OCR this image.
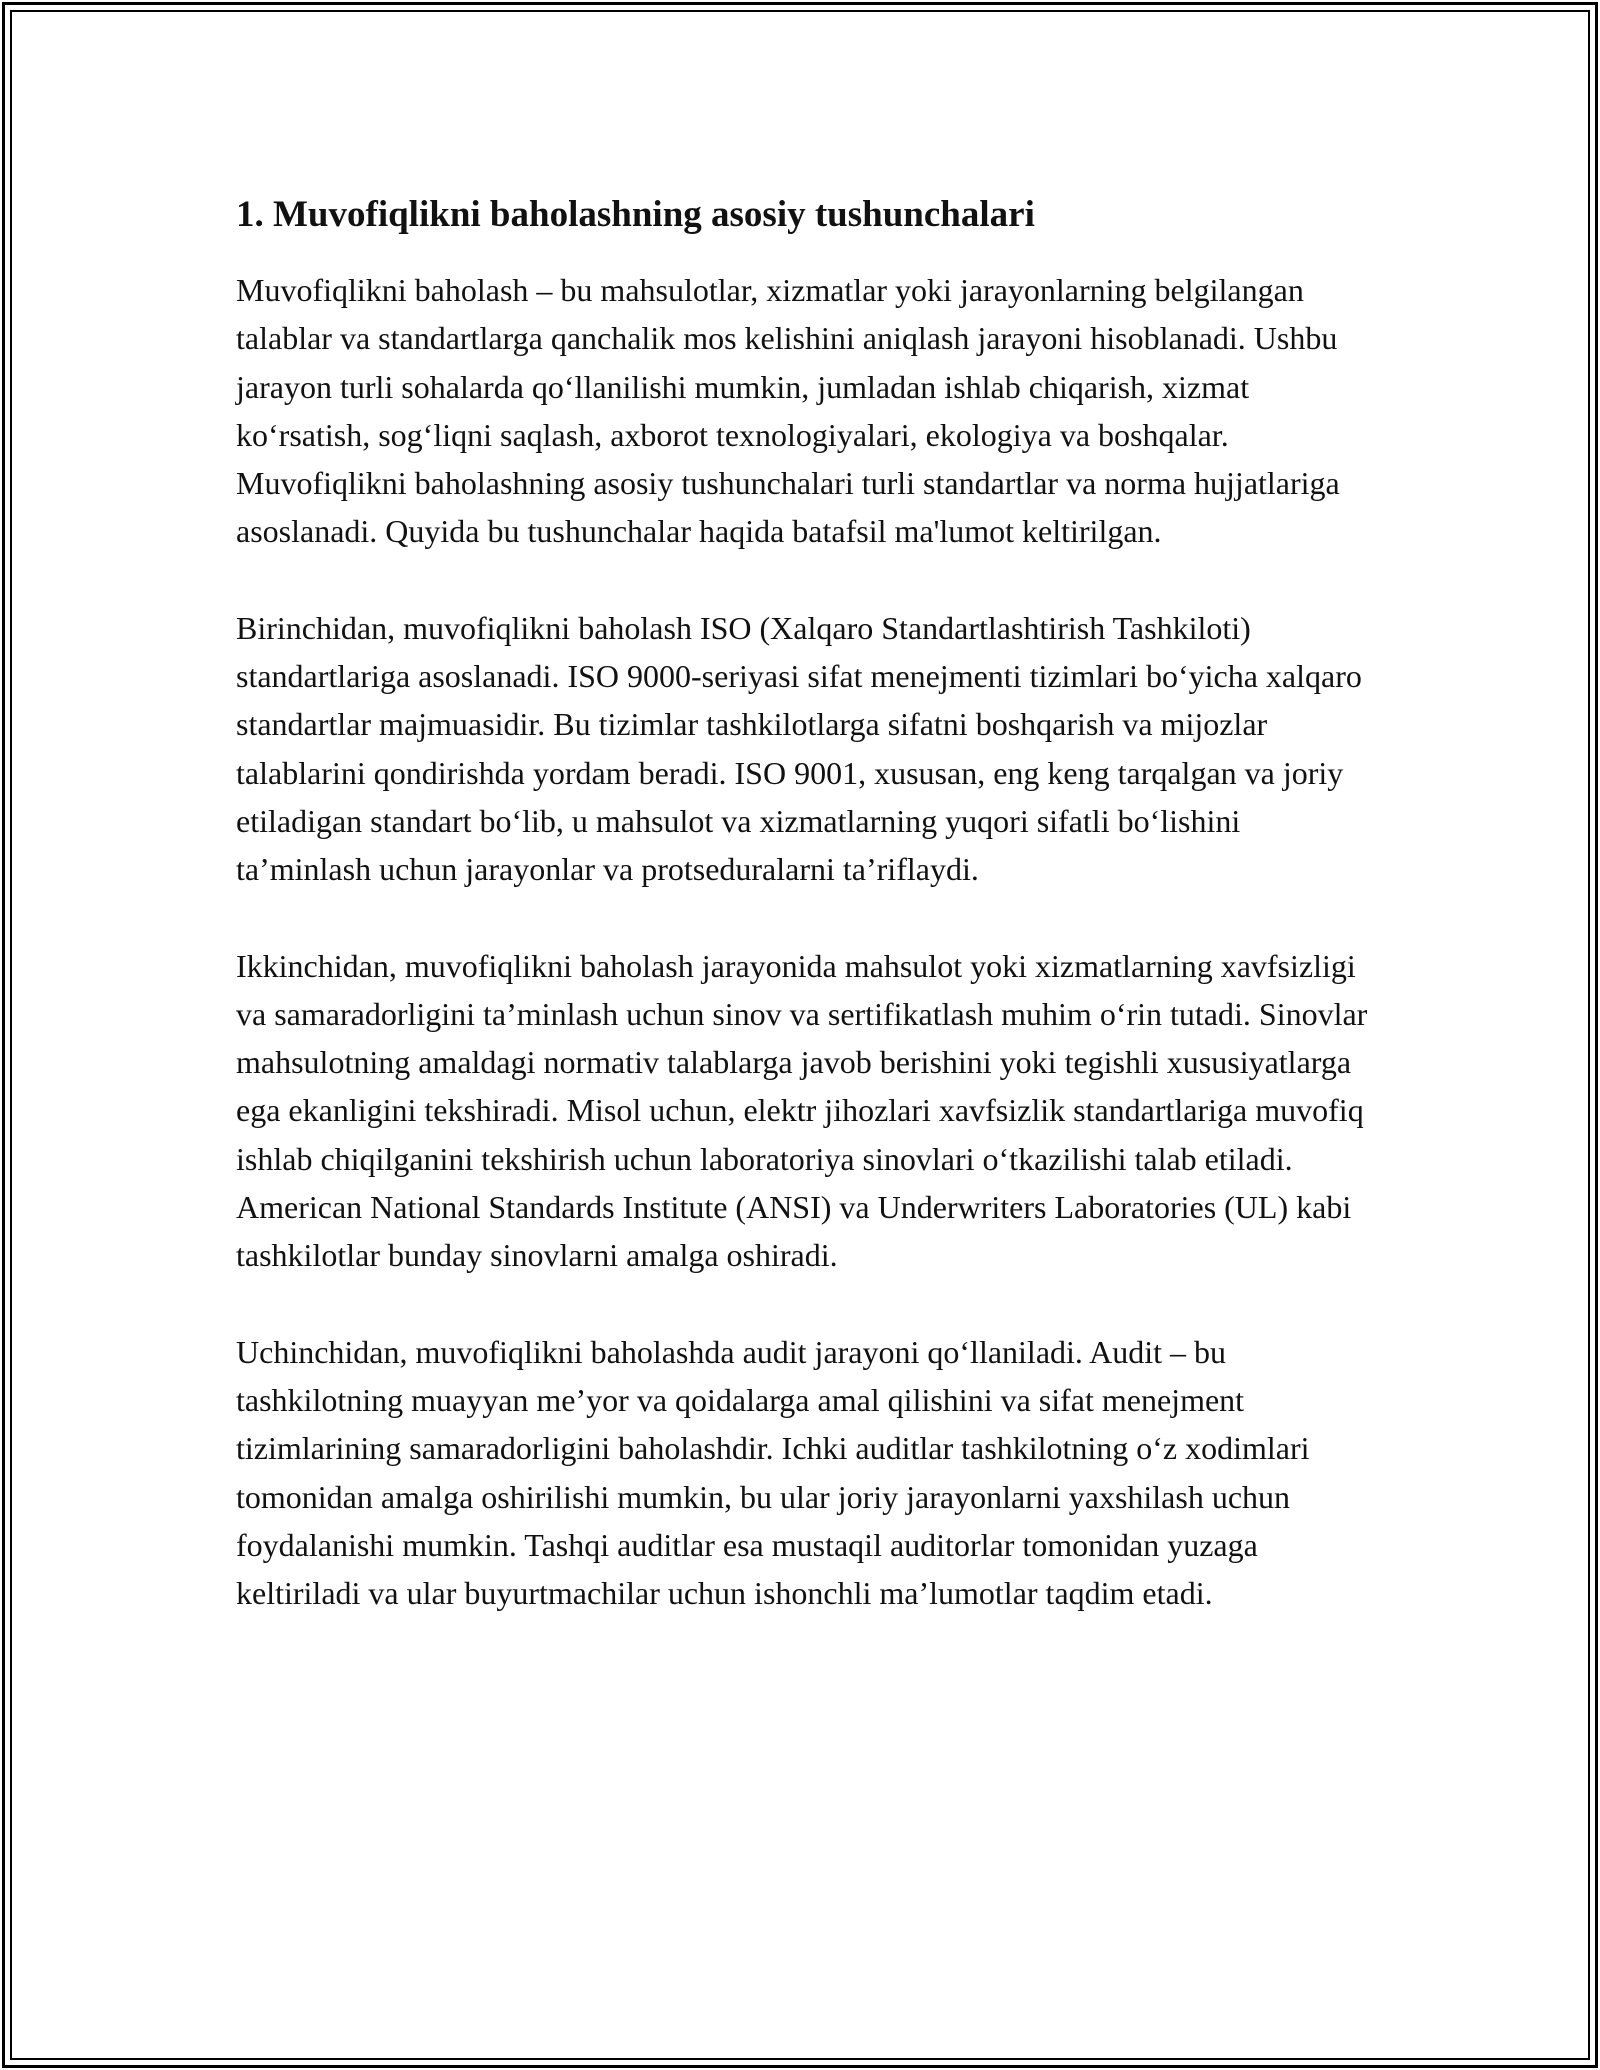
1. Muvofiqlikni baholashning asosiy tushunchalari

Muvofiqlikni baholash – bu mahsulotlar, xizmatlar yoki jarayonlarning belgilangan talablar va standartlarga qanchalik mos kelishini aniqlash jarayoni hisoblanadi. Ushbu jarayon turli sohalarda qo‘llanilishi mumkin, jumladan ishlab chiqarish, xizmat ko‘rsatish, sog‘liqni saqlash, axborot texnologiyalari, ekologiya va boshqalar. Muvofiqlikni baholashning asosiy tushunchalari turli standartlar va norma hujjatlariga asoslanadi. Quyida bu tushunchalar haqida batafsil ma'lumot keltirilgan.

Birinchidan, muvofiqlikni baholash ISO (Xalqaro Standartlashtirish Tashkiloti) standartlariga asoslanadi. ISO 9000-seriyasi sifat menejmenti tizimlari bo‘yicha xalqaro standartlar majmuasidir. Bu tizimlar tashkilotlarga sifatni boshqarish va mijozlar talablarini qondirishda yordam beradi. ISO 9001, xususan, eng keng tarqalgan va joriy etiladigan standart bo‘lib, u mahsulot va xizmatlarning yuqori sifatli bo‘lishini ta’minlash uchun jarayonlar va protseduralarni ta’riflaydi.

Ikkinchidan, muvofiqlikni baholash jarayonida mahsulot yoki xizmatlarning xavfsizligi va samaradorligini ta’minlash uchun sinov va sertifikatlash muhim o‘rin tutadi. Sinovlar mahsulotning amaldagi normativ talablarga javob berishini yoki tegishli xususiyatlarga ega ekanligini tekshiradi. Misol uchun, elektr jihozlari xavfsizlik standartlariga muvofiq ishlab chiqilganini tekshirish uchun laboratoriya sinovlari o‘tkazilishi talab etiladi. American National Standards Institute (ANSI) va Underwriters Laboratories (UL) kabi tashkilotlar bunday sinovlarni amalga oshiradi.

Uchinchidan, muvofiqlikni baholashda audit jarayoni qo‘llaniladi. Audit – bu tashkilotning muayyan me’yor va qoidalarga amal qilishini va sifat menejment tizimlarining samaradorligini baholashdir. Ichki auditlar tashkilotning o‘z xodimlari tomonidan amalga oshirilishi mumkin, bu ular joriy jarayonlarni yaxshilash uchun foydalanishi mumkin. Tashqi auditlar esa mustaqil auditorlar tomonidan yuzaga keltiriladi va ular buyurtmachilar uchun ishonchli ma’lumotlar taqdim etadi.
